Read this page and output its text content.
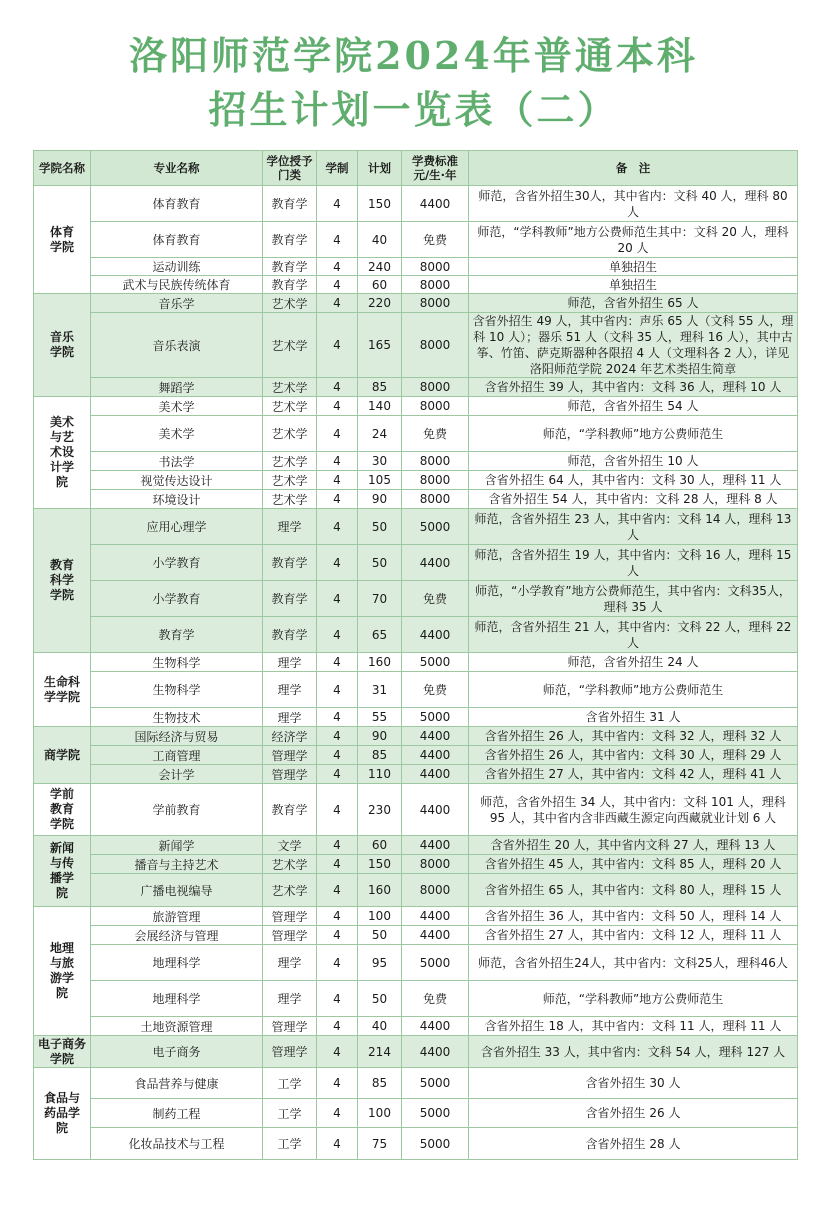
洛阳师范学院2024年普通本科
招生计划一览表（二）
学院名称	专业名称	学位授予门类	学制	计划	学费标准元/生·年	备　注

体育学院	体育教育	教育学	4	150	4400	师范，含省外招生30人，其中省内：文科 40 人，理科 80 人
	体育教育	教育学	4	40	免费	师范，“学科教师”地方公费师范生其中：文科 20 人，理科 20 人
	运动训练	教育学	4	240	8000	单独招生
	武术与民族传统体育	教育学	4	60	8000	单独招生

音乐学院	音乐学	艺术学	4	220	8000	师范，含省外招生 65 人
	音乐表演	艺术学	4	165	8000	含省外招生 49 人，其中省内：声乐 65 人（文科 55 人，理科 10 人）；器乐 51 人（文科 35 人，理科 16 人），其中古筝、竹笛、萨克斯器种各限招 4 人（文理科各 2 人），详见洛阳师范学院 2024 年艺术类招生简章
	舞蹈学	艺术学	4	85	8000	含省外招生 39 人，其中省内：文科 36 人，理科 10 人

美术与艺术设计学院	美术学	艺术学	4	140	8000	师范，含省外招生 54 人
	美术学	艺术学	4	24	免费	师范，“学科教师”地方公费师范生
	书法学	艺术学	4	30	8000	师范，含省外招生 10 人
	视觉传达设计	艺术学	4	105	8000	含省外招生 64 人，其中省内：文科 30 人，理科 11 人
	环境设计	艺术学	4	90	8000	含省外招生 54 人，其中省内：文科 28 人，理科 8 人

教育科学学院	应用心理学	理学	4	50	5000	师范，含省外招生 23 人，其中省内：文科 14 人，理科 13 人
	小学教育	教育学	4	50	4400	师范，含省外招生 19 人，其中省内：文科 16 人，理科 15 人
	小学教育	教育学	4	70	免费	师范，“小学教育”地方公费师范生，其中省内：文科35人，理科 35 人
	教育学	教育学	4	65	4400	师范，含省外招生 21 人，其中省内：文科 22 人，理科 22 人

生命科学学院	生物科学	理学	4	160	5000	师范，含省外招生 24 人
	生物科学	理学	4	31	免费	师范，“学科教师”地方公费师范生
	生物技术	理学	4	55	5000	含省外招生 31 人

商学院	国际经济与贸易	经济学	4	90	4400	含省外招生 26 人，其中省内：文科 32 人，理科 32 人
	工商管理	管理学	4	85	4400	含省外招生 26 人，其中省内：文科 30 人，理科 29 人
	会计学	管理学	4	110	4400	含省外招生 27 人，其中省内：文科 42 人，理科 41 人

学前教育学院	学前教育	教育学	4	230	4400	师范，含省外招生 34 人，其中省内：文科 101 人，理科 95 人，其中省内含非西藏生源定向西藏就业计划 6 人

新闻与传播学院	新闻学	文学	4	60	4400	含省外招生 20 人，其中省内文科 27 人，理科 13 人
	播音与主持艺术	艺术学	4	150	8000	含省外招生 45 人，其中省内：文科 85 人，理科 20 人
	广播电视编导	艺术学	4	160	8000	含省外招生 65 人，其中省内：文科 80 人，理科 15 人

地理与旅游学院	旅游管理	管理学	4	100	4400	含省外招生 36 人，其中省内：文科 50 人，理科 14 人
	会展经济与管理	管理学	4	50	4400	含省外招生 27 人，其中省内：文科 12 人，理科 11 人
	地理科学	理学	4	95	5000	师范，含省外招生24人，其中省内：文科25人，理科46人
	地理科学	理学	4	50	免费	师范，“学科教师”地方公费师范生
	土地资源管理	管理学	4	40	4400	含省外招生 18 人，其中省内：文科 11 人，理科 11 人

电子商务学院	电子商务	管理学	4	214	4400	含省外招生 33 人，其中省内：文科 54 人，理科 127 人

食品与药品学院	食品营养与健康	工学	4	85	5000	含省外招生 30 人
	制药工程	工学	4	100	5000	含省外招生 26 人
	化妆品技术与工程	工学	4	75	5000	含省外招生 28 人
